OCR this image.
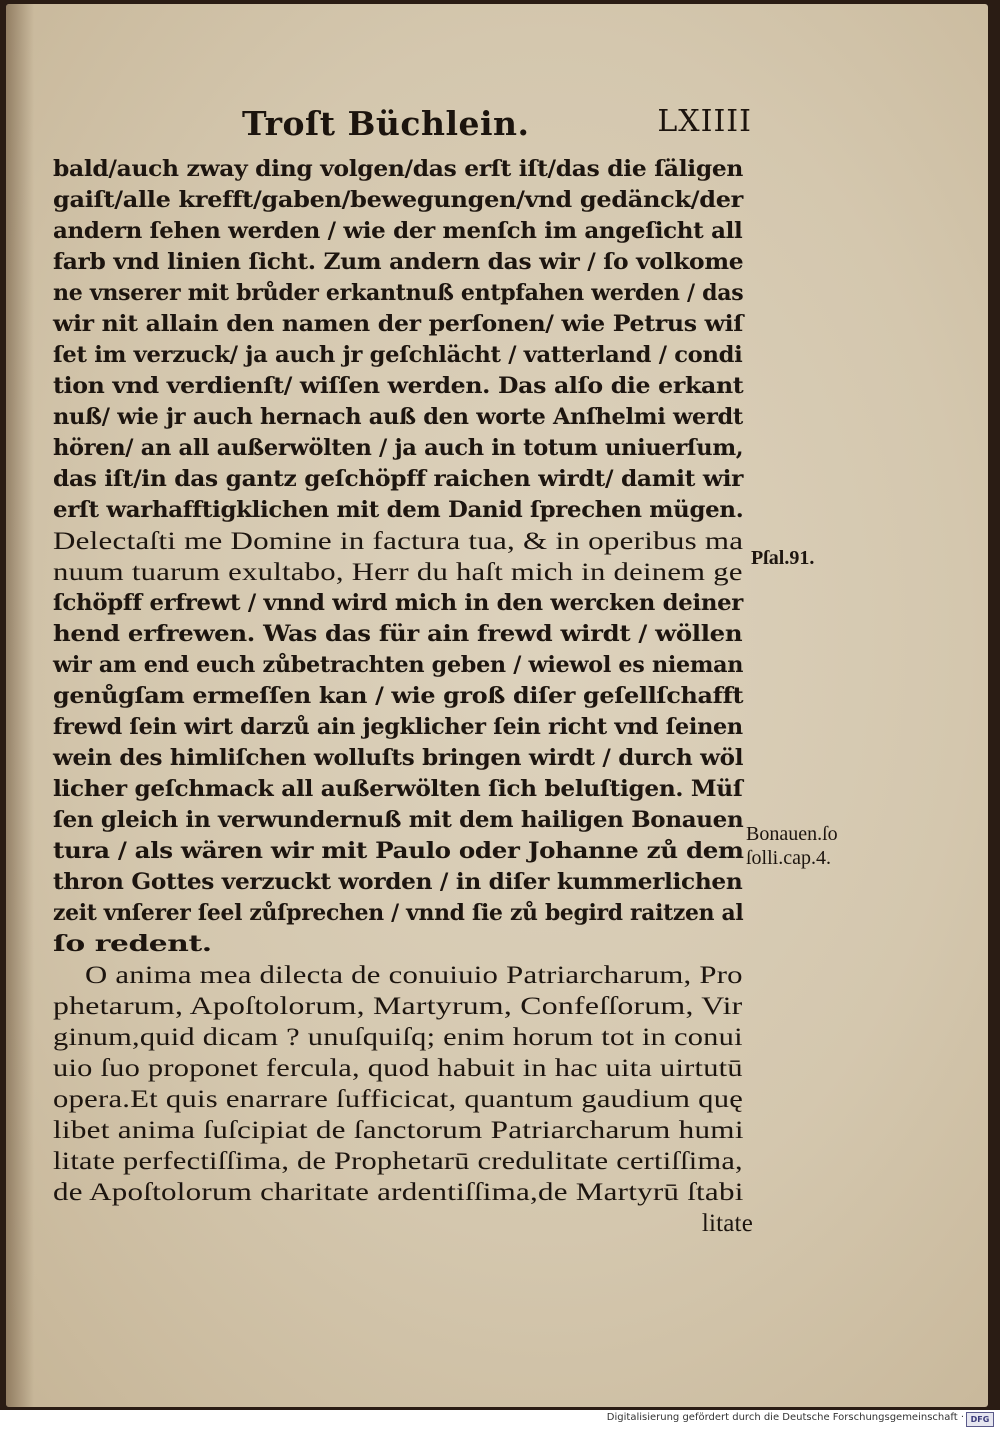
Troſt Büchlein.	LXIIII
bald/auch zway ding volgen/das erſt iſt/das die ſäligen
gaiſt/alle krefft/gaben/bewegungen/vnd gedänck/der
andern ſehen werden / wie der menſch im angeſicht all
farb vnd linien ſicht. Zum andern das wir / ſo volkome
ne vnserer mit brůder erkantnuß entpfahen werden / das
wir nit allain den namen der perſonen/ wie Petrus wiſ
ſet im verzuck/ ja auch jr geſchlächt / vatterland / condi
tion vnd verdienſt/ wiſſen werden. Das alſo die erkant
nuß/ wie jr auch hernach auß den worte Anſhelmi werdt
hören/ an all außerwölten / ja auch in totum uniuerſum,
das iſt/in das gantz geſchöpff raichen wirdt/ damit wir
erſt warhafftigklichen mit dem Danid ſprechen mügen.
Delectaſti me Domine in factura tua, & in operibus ma
nuum tuarum exultabo, Herr du haſt mich in deinem ge
ſchöpff erfrewt / vnnd wird mich in den wercken deiner
hend erfrewen. Was das für ain frewd wirdt / wöllen
wir am end euch zůbetrachten geben / wiewol es nieman
genůgſam ermeſſen kan / wie groß diſer geſellſchafft
frewd ſein wirt darzů ain jegklicher ſein richt vnd ſeinen
wein des himliſchen wolluſts bringen wirdt / durch wöl
licher geſchmack all außerwölten ſich beluſtigen. Müſ
ſen gleich in verwundernuß mit dem hailigen Bonauen
tura / als wären wir mit Paulo oder Johanne zů dem
thron Gottes verzuckt worden / in diſer kummerlichen
zeit vnſerer ſeel zůſprechen / vnnd ſie zů begird raitzen al
ſo redent.
O anima mea dilecta de conuiuio Patriarcharum, Pro
phetarum, Apoſtolorum, Martyrum, Confeſſorum, Vir
ginum,quid dicam ? unuſquiſq; enim horum tot in conui
uio ſuo proponet fercula, quod habuit in hac uita uirtutū
opera.Et quis enarrare ſufficicat, quantum gaudium quę
libet anima ſuſcipiat de ſanctorum Patriarcharum humi
litate perfectiſſima, de Prophetarū credulitate certiſſima,
de Apoſtolorum charitate ardentiſſima,de Martyrū ſtabi
litate
Pſal.91.
Bonauen.ſo
ſolli.cap.4.
Digitalisierung gefördert durch die Deutsche Forschungsgemeinschaft · DFG
